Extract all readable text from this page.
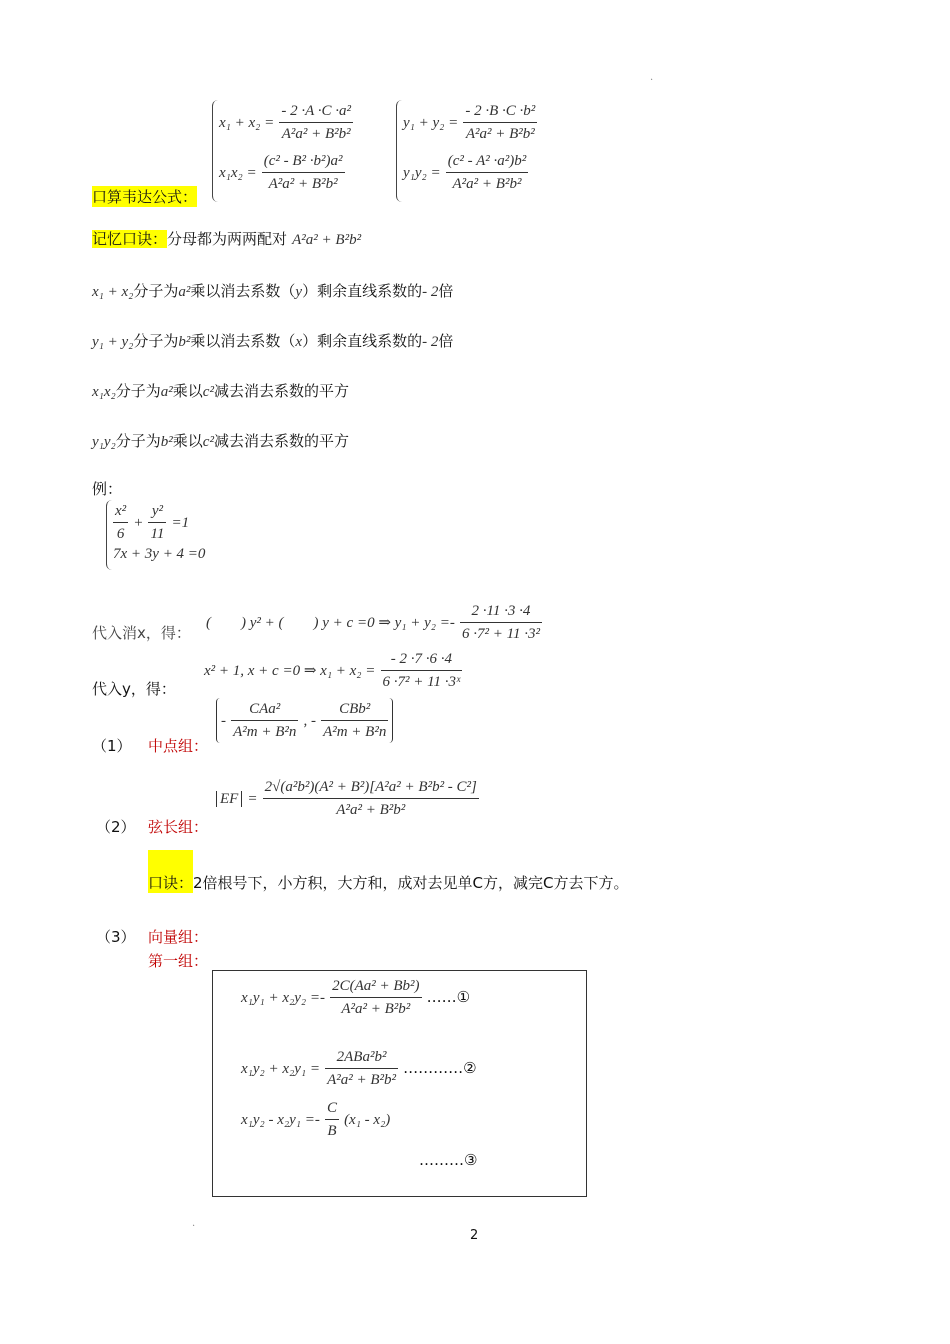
.
$x_1 + x_2 = \frac{\text{- 2 ·A ·C ·a²}}{\text{A²a² + B²b²}}$
$x_1x_2 = \frac{\text{(c² - B² ·b²)a²}}{\text{A²a² + B²b²}}$
$y_1 + y_2 = \frac{\text{- 2 ·B ·C ·b²}}{\text{A²a² + B²b²}}$
$y_1y_2 = \frac{\text{(c² - A² ·a²)b²}}{\text{A²a² + B²b²}}$
口算韦达公式：
记忆口诀：分母都为两两配对 A²a² + B²b²
x₁ + x₂分子为a²乘以消去系数（y）剩余直线系数的- 2倍
y₁ + y₂分子为b²乘以消去系数（x）剩余直线系数的- 2倍
x₁x₂分子为a²乘以c²减去消去系数的平方
y₁y₂分子为b²乘以c²减去消去系数的平方
例：
$\frac{\text{x²}}{6} + \frac{\text{y²}}{11} =1$
7x + 3y + 4 =0
代入消x，得：
(　　) y² + (　　) y + c =0 ⇒ $y_1 + y_2 =- \frac{2 \cdot 11 \cdot 3 \cdot 4}{\text{6 ·7² + 11 ·3²}}$
代入y，得：
x² + 1, x + c =0 ⇒ $x_1 + x_2 = \frac{- 2 \cdot 7 \cdot 6 \cdot 4}{\text{6 ·7² + 11 ·3ˣ}}$
（1） 中点组：
- $\frac{\text{CAa²}}{\text{A²m + B²n}}$ , - $\frac{\text{CBb²}}{\text{A²m + B²n}}$
（2） 弦长组：
EF = $\frac{\text{2√(a²b²)(A² + B²)[A²a² + B²b² - C²]}}{\text{A²a² + B²b²}}$
口诀：2倍根号下，小方积，大方和，成对去见单C方，减完C方去下方。
（3） 向量组：
第一组：
$x_1y_1 + x_2y_2 =- \frac{\text{2C(Aa² + Bb²)}}{\text{A²a² + B²b²}}$ ……①
$x_1y_2 + x_2y_1 = \frac{\text{2ABa²b²}}{\text{A²a² + B²b²}}$ …………②
$x_1y_2 - x_2y_1 =- \frac{C}{B} (x_1 - x_2)$
………③
.
2
